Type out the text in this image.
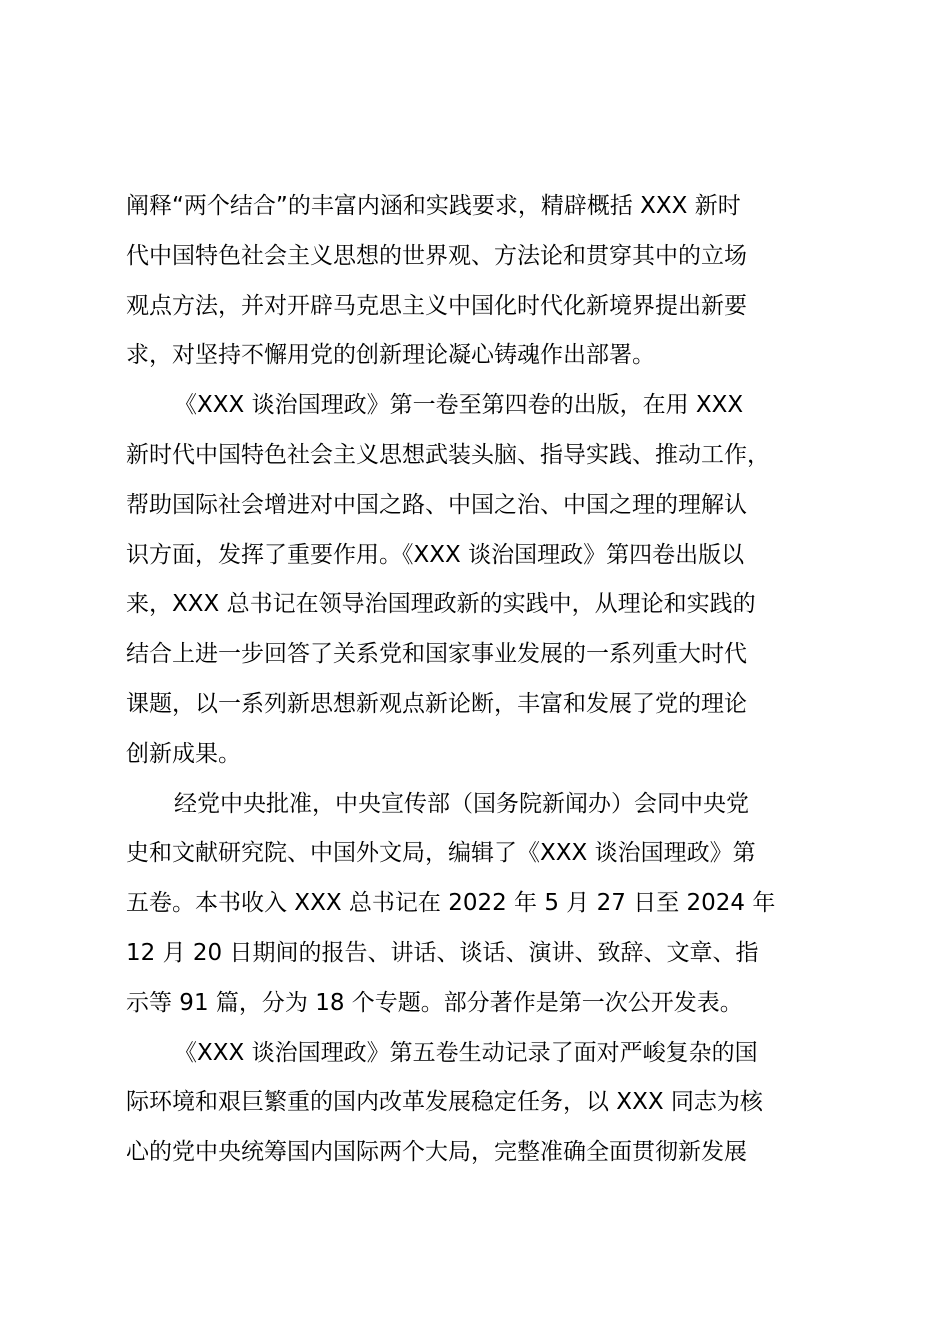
阐释“两个结合”的丰富内涵和实践要求，精辟概括 XXX 新时
代中国特色社会主义思想的世界观、方法论和贯穿其中的立场
观点方法，并对开辟马克思主义中国化时代化新境界提出新要
求，对坚持不懈用党的创新理论凝心铸魂作出部署。
《XXX 谈治国理政》第一卷至第四卷的出版，在用 XXX
新时代中国特色社会主义思想武装头脑、指导实践、推动工作，
帮助国际社会增进对中国之路、中国之治、中国之理的理解认
识方面，发挥了重要作用。《XXX 谈治国理政》第四卷出版以
来，XXX 总书记在领导治国理政新的实践中，从理论和实践的
结合上进一步回答了关系党和国家事业发展的一系列重大时代
课题，以一系列新思想新观点新论断，丰富和发展了党的理论
创新成果。
经党中央批准，中央宣传部（国务院新闻办）会同中央党
史和文献研究院、中国外文局，编辑了《XXX 谈治国理政》第
五卷。本书收入 XXX 总书记在 2022 年 5 月 27 日至 2024 年
12 月 20 日期间的报告、讲话、谈话、演讲、致辞、文章、指
示等 91 篇，分为 18 个专题。部分著作是第一次公开发表。
《XXX 谈治国理政》第五卷生动记录了面对严峻复杂的国
际环境和艰巨繁重的国内改革发展稳定任务，以 XXX 同志为核
心的党中央统筹国内国际两个大局，完整准确全面贯彻新发展
